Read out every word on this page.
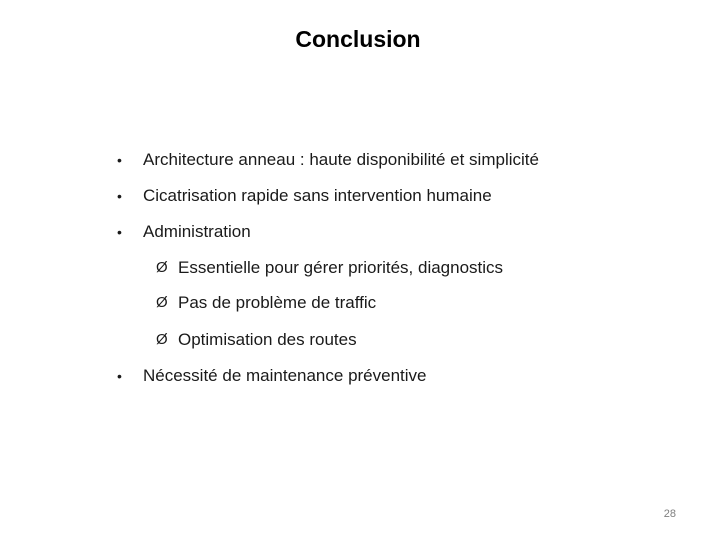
Conclusion
•	Architecture anneau : haute disponibilité et simplicité
•	Cicatrisation rapide sans intervention humaine
•	Administration
Ø Essentielle pour gérer priorités, diagnostics
Ø Pas de problème de traffic
Ø Optimisation des routes
•	Nécessité de maintenance préventive
28
